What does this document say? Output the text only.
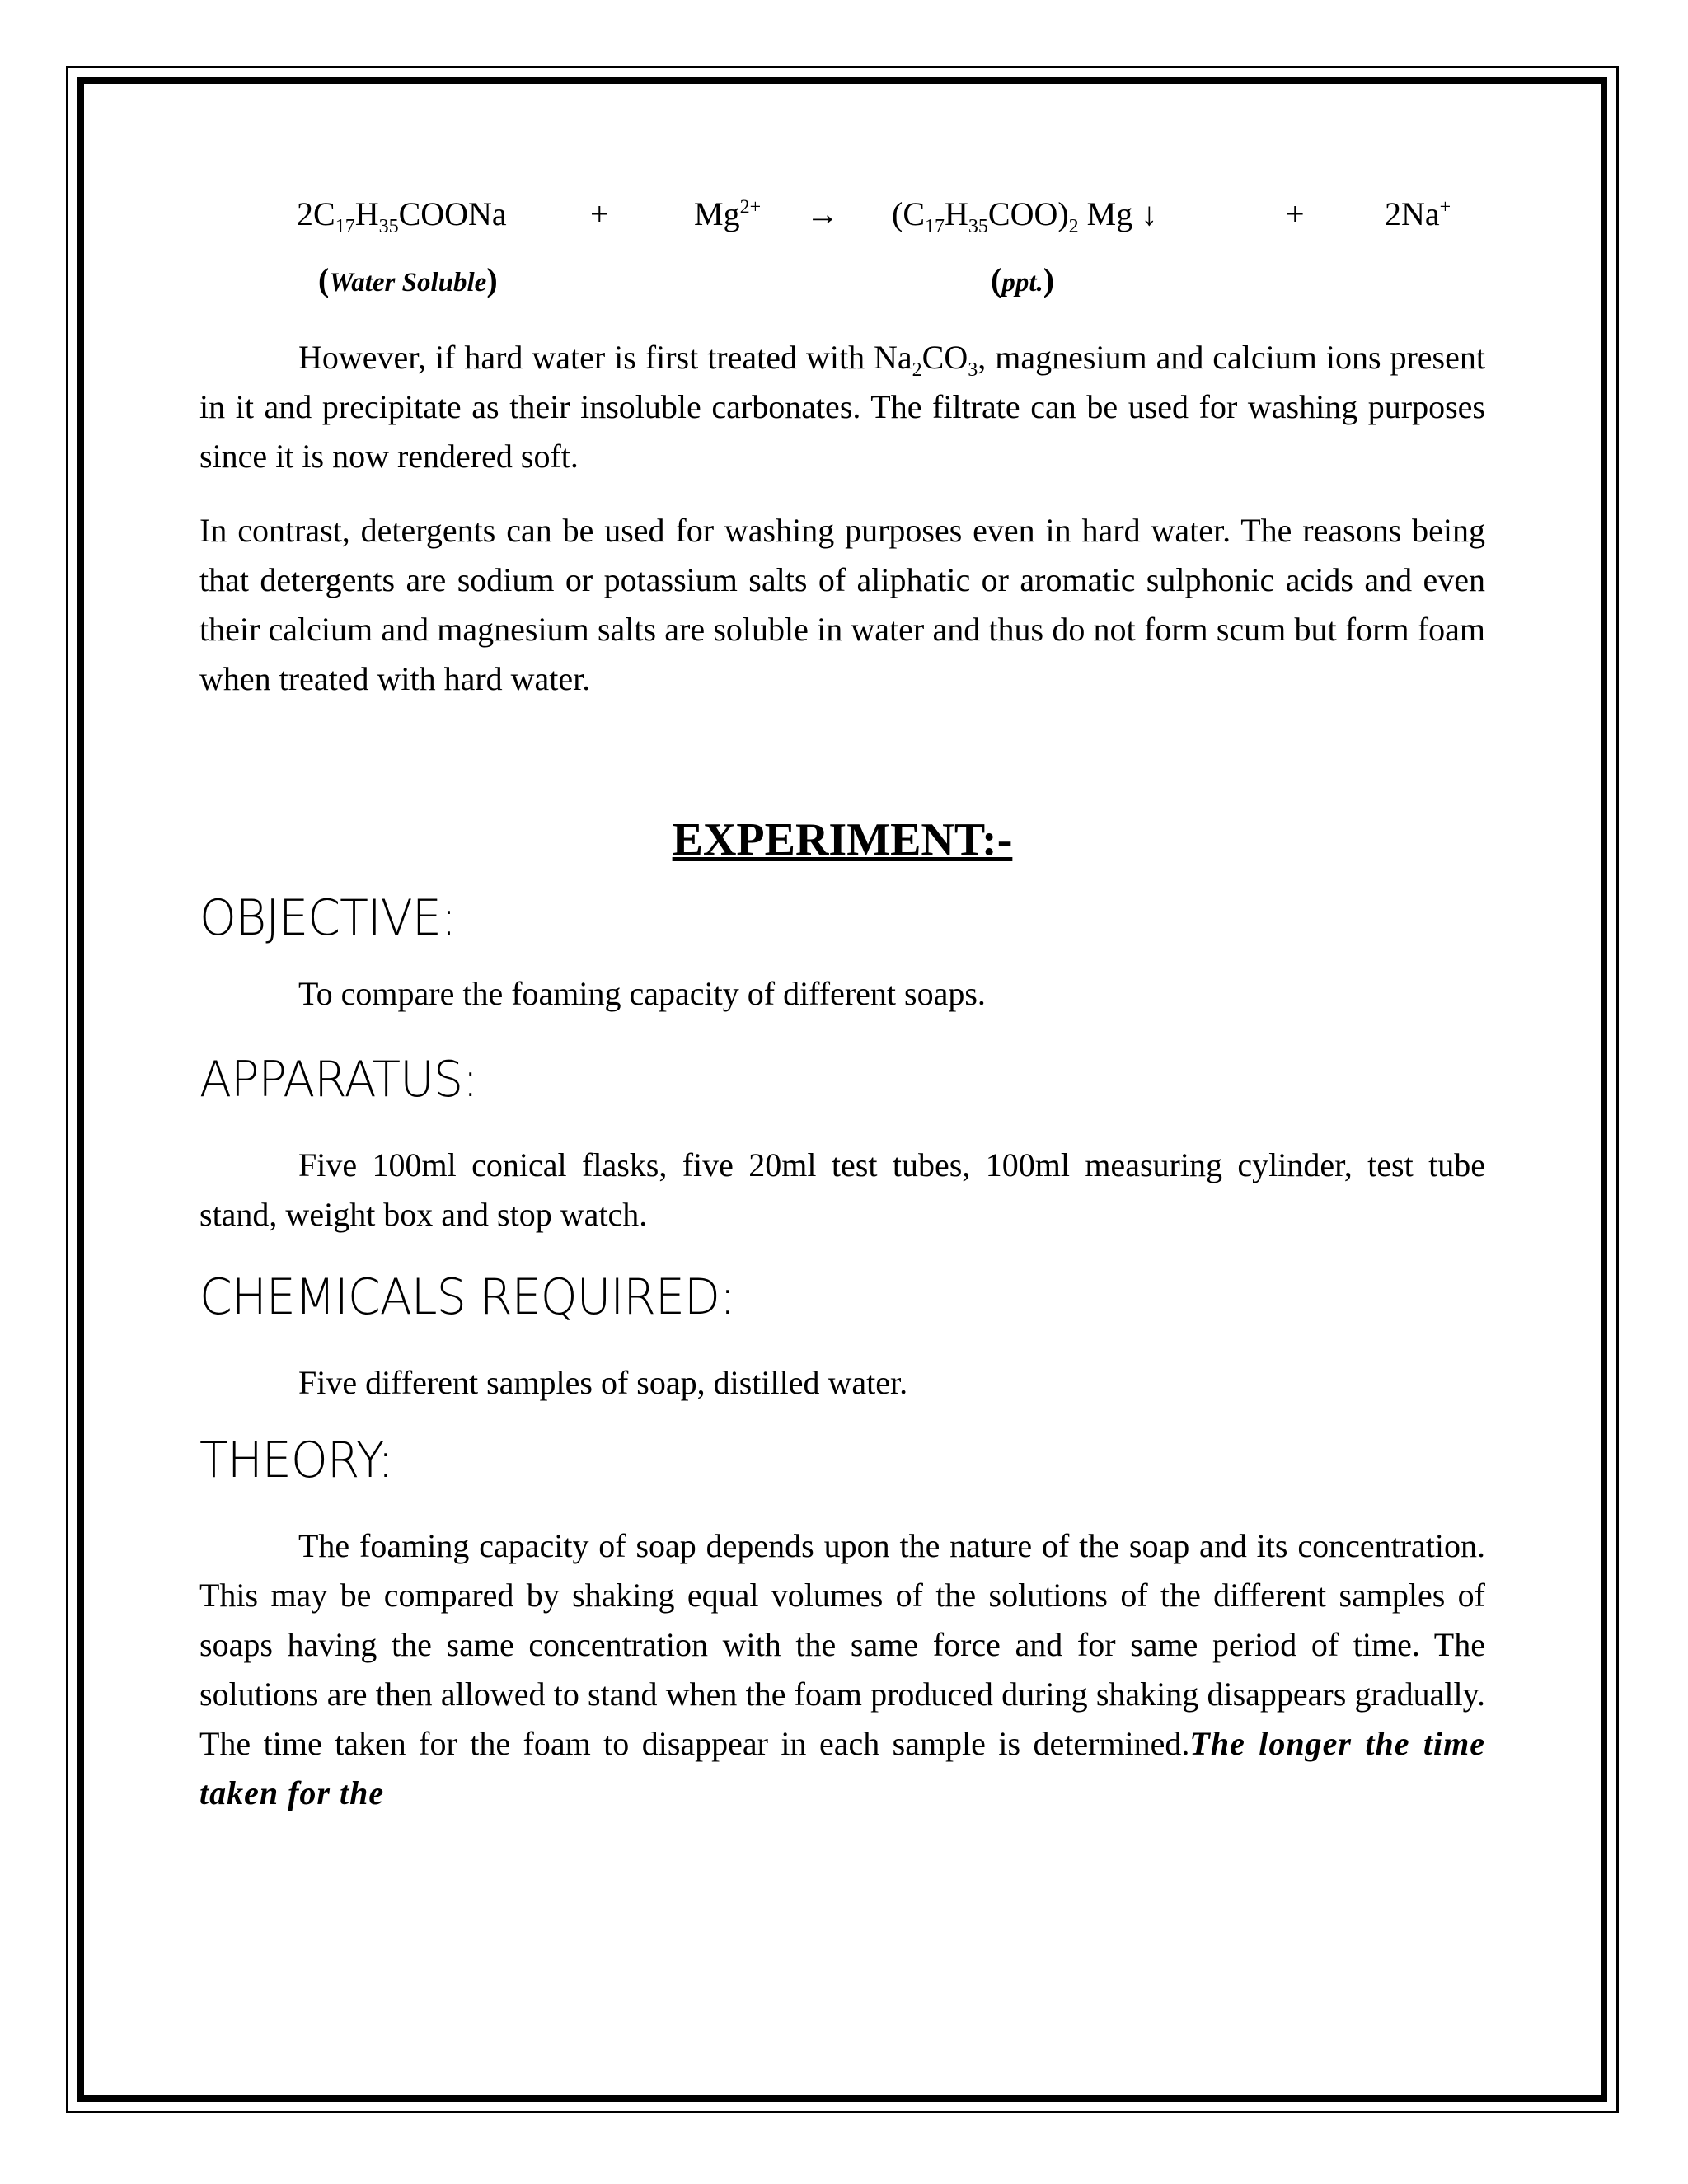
$2C_{17}H_{35}COONa$	+	$Mg^{2+} \to (C_{17}H_{35}COO)_2$ Mg ↓	+ 2Na+
(Water Soluble)	(ppt.)

However, if hard water is first treated with $Na_2CO_3$, magnesium and calcium ions present in it and precipitate as their insoluble carbonates. The filtrate can be used for washing purposes since it is now rendered soft.

In contrast, detergents can be used for washing purposes even in hard water. The reasons being that detergents are sodium or potassium salts of aliphatic or aromatic sulphonic acids and even their calcium and magnesium salts are soluble in water and thus do not form scum but form foam when treated with hard water.

EXPERIMENT:-
OBJECTIVE:

To compare the foaming capacity of different soaps.

APPARATUS:

Five 100ml conical flasks, five 20ml test tubes, 100ml measuring cylinder, test tube stand, weight box and stop watch.

CHEMICALS REQUIRED:

Five different samples of soap, distilled water.

THEORY:

The foaming capacity of soap depends upon the nature of the soap and its concentration. This may be compared by shaking equal volumes of the solutions of the different samples of soaps having the same concentration with the same force and for same period of time. The solutions are then allowed to stand when the foam produced during shaking disappears gradually. The time taken for the foam to disappear in each sample is determined.The longer the time taken for the
